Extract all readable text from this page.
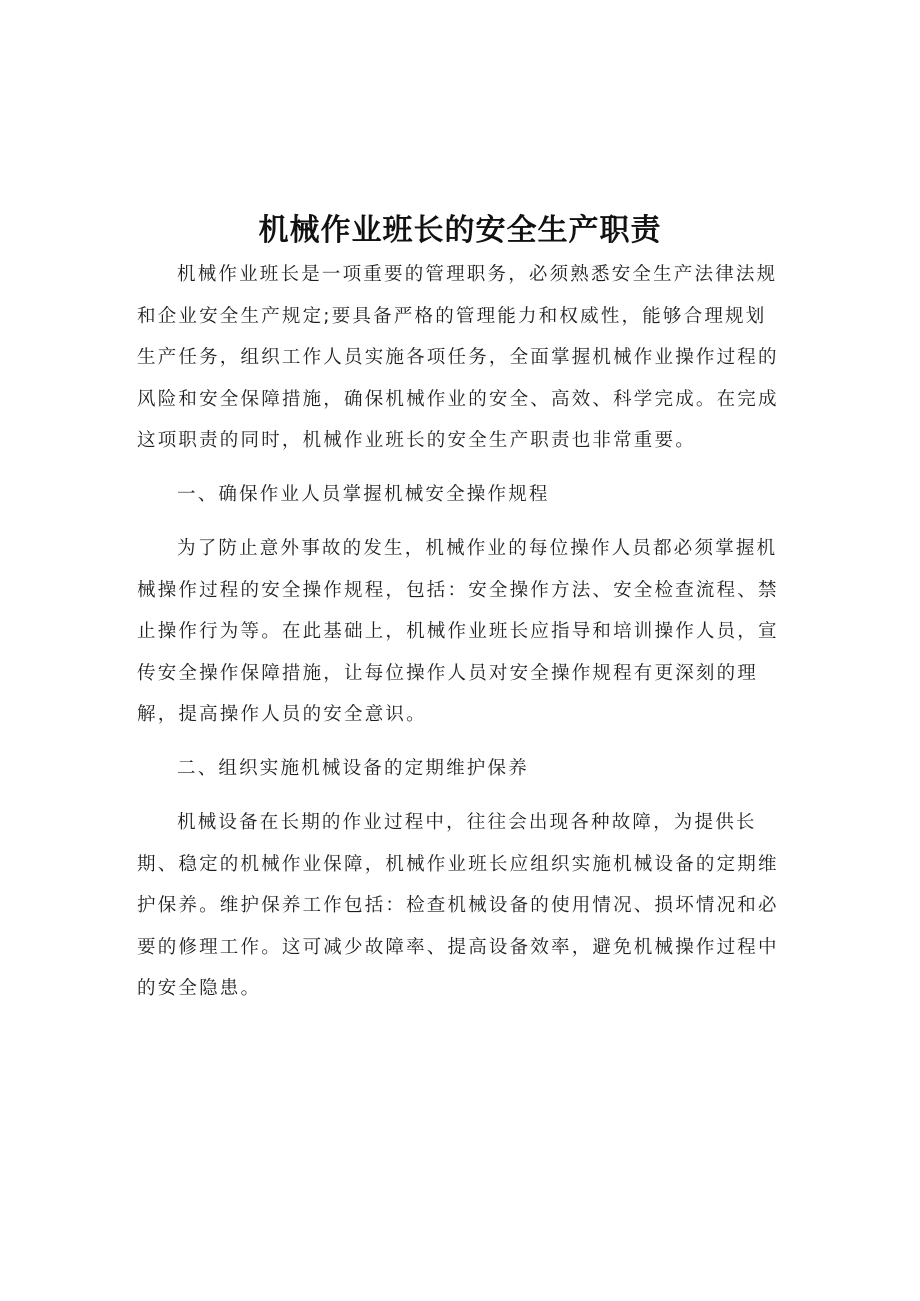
机械作业班长的安全生产职责

机械作业班长是一项重要的管理职务，必须熟悉安全生产法律法规和企业安全生产规定;要具备严格的管理能力和权威性，能够合理规划生产任务，组织工作人员实施各项任务，全面掌握机械作业操作过程的风险和安全保障措施，确保机械作业的安全、高效、科学完成。在完成这项职责的同时，机械作业班长的安全生产职责也非常重要。

一、确保作业人员掌握机械安全操作规程

为了防止意外事故的发生，机械作业的每位操作人员都必须掌握机械操作过程的安全操作规程，包括：安全操作方法、安全检查流程、禁止操作行为等。在此基础上，机械作业班长应指导和培训操作人员，宣传安全操作保障措施，让每位操作人员对安全操作规程有更深刻的理解，提高操作人员的安全意识。

二、组织实施机械设备的定期维护保养

机械设备在长期的作业过程中，往往会出现各种故障，为提供长期、稳定的机械作业保障，机械作业班长应组织实施机械设备的定期维护保养。维护保养工作包括：检查机械设备的使用情况、损坏情况和必要的修理工作。这可减少故障率、提高设备效率，避免机械操作过程中的安全隐患。
